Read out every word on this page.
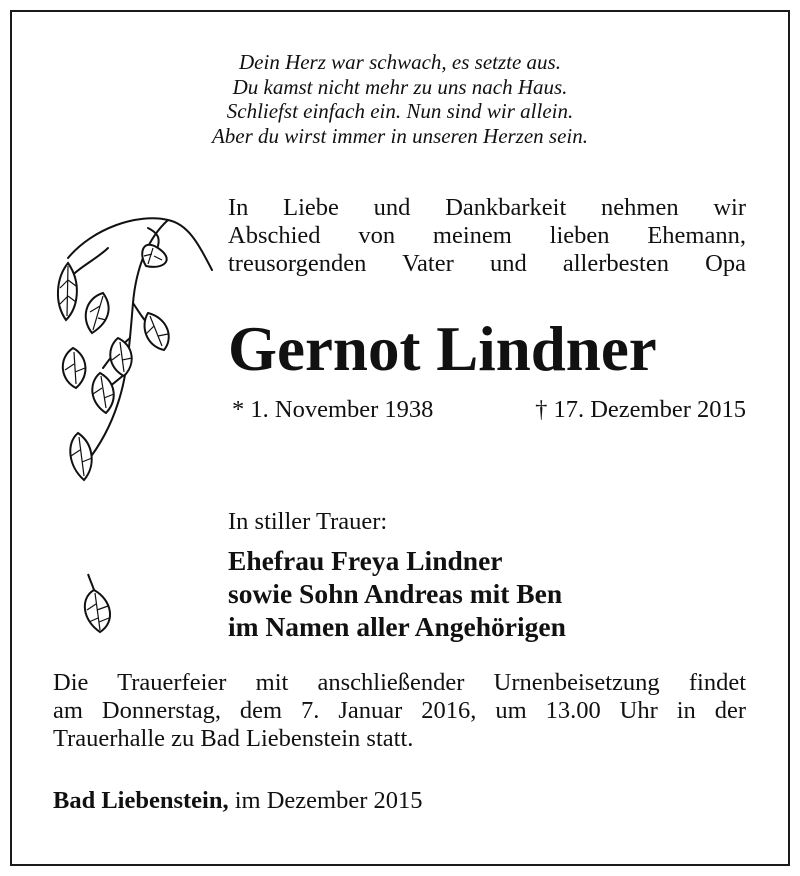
Dein Herz war schwach, es setzte aus.
Du kamst nicht mehr zu uns nach Haus.
Schliefst einfach ein. Nun sind wir allein.
Aber du wirst immer in unseren Herzen sein.
In Liebe und Dankbarkeit nehmen wir
Abschied von meinem lieben Ehemann,
treusorgenden Vater und allerbesten Opa
Gernot Lindner
* 1. November 1938	† 17. Dezember 2015
In stiller Trauer:
Ehefrau Freya Lindner
sowie Sohn Andreas mit Ben
im Namen aller Angehörigen
Die Trauerfeier mit anschließender Urnenbeisetzung findet
am Donnerstag, dem 7. Januar 2016, um 13.00 Uhr in der
Trauerhalle zu Bad Liebenstein statt.
Bad Liebenstein, im Dezember 2015
